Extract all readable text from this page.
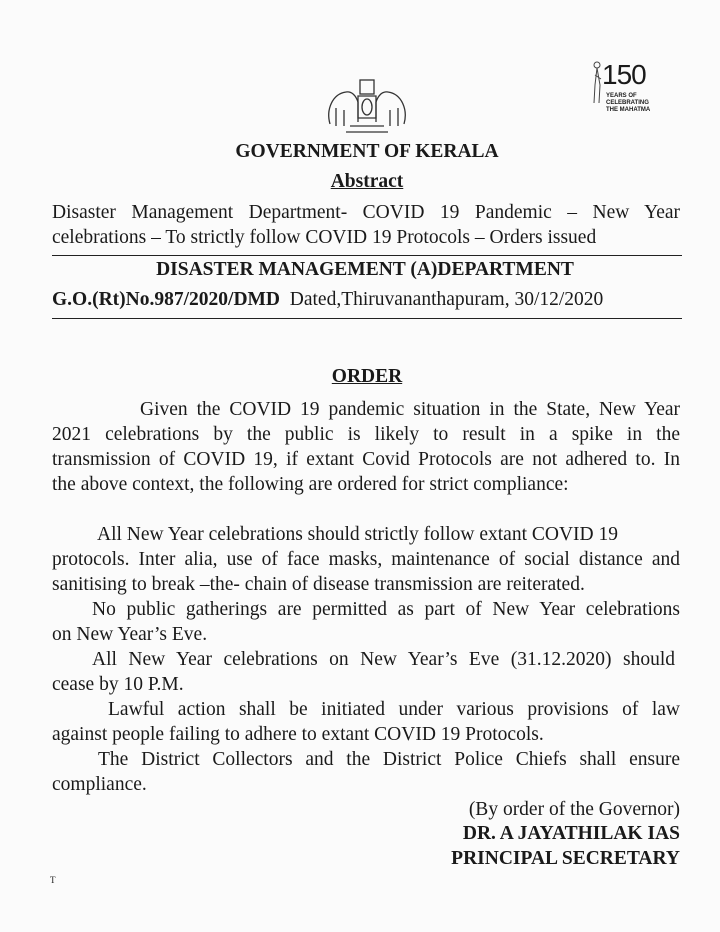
150
YEARS OF
CELEBRATING
THE MAHATMA
GOVERNMENT OF KERALA
Abstract
Disaster Management Department- COVID 19 Pandemic – New Year
celebrations – To strictly follow COVID 19 Protocols – Orders issued
DISASTER MANAGEMENT (A)DEPARTMENT
G.O.(Rt)No.987/2020/DMD Dated,Thiruvananthapuram, 30/12/2020
ORDER
Given the COVID 19 pandemic situation in the State, New Year
2021 celebrations by the public is likely to result in a spike in the
transmission of COVID 19, if extant Covid Protocols are not adhered to. In
the above context, the following are ordered for strict compliance:
All New Year celebrations should strictly follow extant COVID 19
protocols. Inter alia, use of face masks, maintenance of social distance and
sanitising to break –the- chain of disease transmission are reiterated.
No public gatherings are permitted as part of New Year celebrations
on New Year’s Eve.
All New Year celebrations on New Year’s Eve (31.12.2020) should
cease by 10 P.M.
Lawful action shall be initiated under various provisions of law
against people failing to adhere to extant COVID 19 Protocols.
The District Collectors and the District Police Chiefs shall ensure
compliance.
(By order of the Governor)
DR. A JAYATHILAK IAS
PRINCIPAL SECRETARY
T
